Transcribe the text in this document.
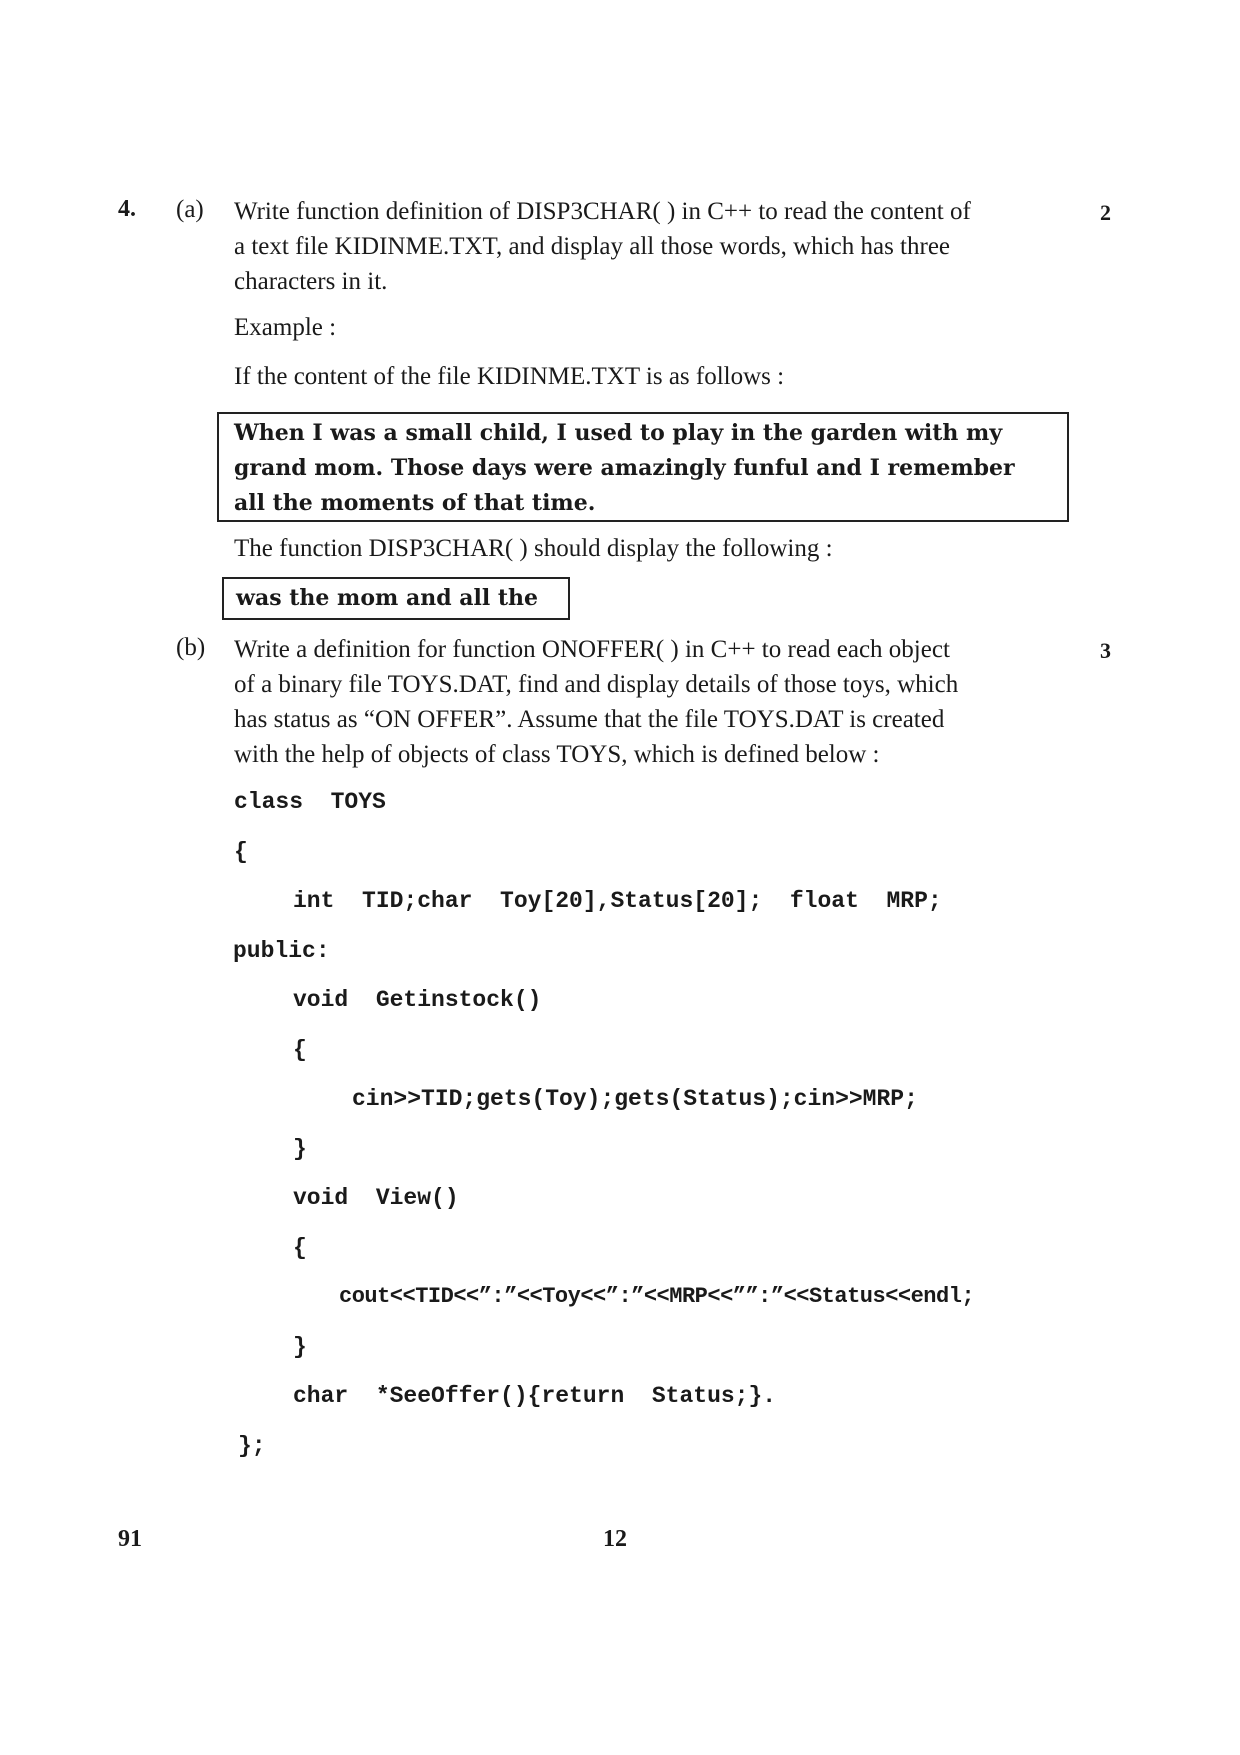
4. (a)	2
Write function definition of DISP3CHAR( ) in C++ to read the content of
a text file KIDINME.TXT, and display all those words, which has three
characters in it.
Example :
If the content of the file KIDINME.TXT is as follows :
When I was a small child, I used to play in the garden with my
grand mom. Those days were amazingly funful and I remember
all the moments of that time.
The function DISP3CHAR( ) should display the following :
was the mom and all the
(b)	3
Write a definition for function ONOFFER( ) in C++ to read each object
of a binary file TOYS.DAT, find and display details of those toys, which
has status as “ON OFFER”. Assume that the file TOYS.DAT is created
with the help of objects of class TOYS, which is defined below :
class  TOYS
{
int  TID;char  Toy[20],Status[20];  float  MRP;
public:
void  Getinstock()
{
cin>>TID;gets(Toy);gets(Status);cin>>MRP;
}
void  View()
{
cout<<TID<<”:”<<Toy<<”:”<<MRP<<””:”<<Status<<endl;
}
char  *SeeOffer(){return  Status;}.
};
91	12
